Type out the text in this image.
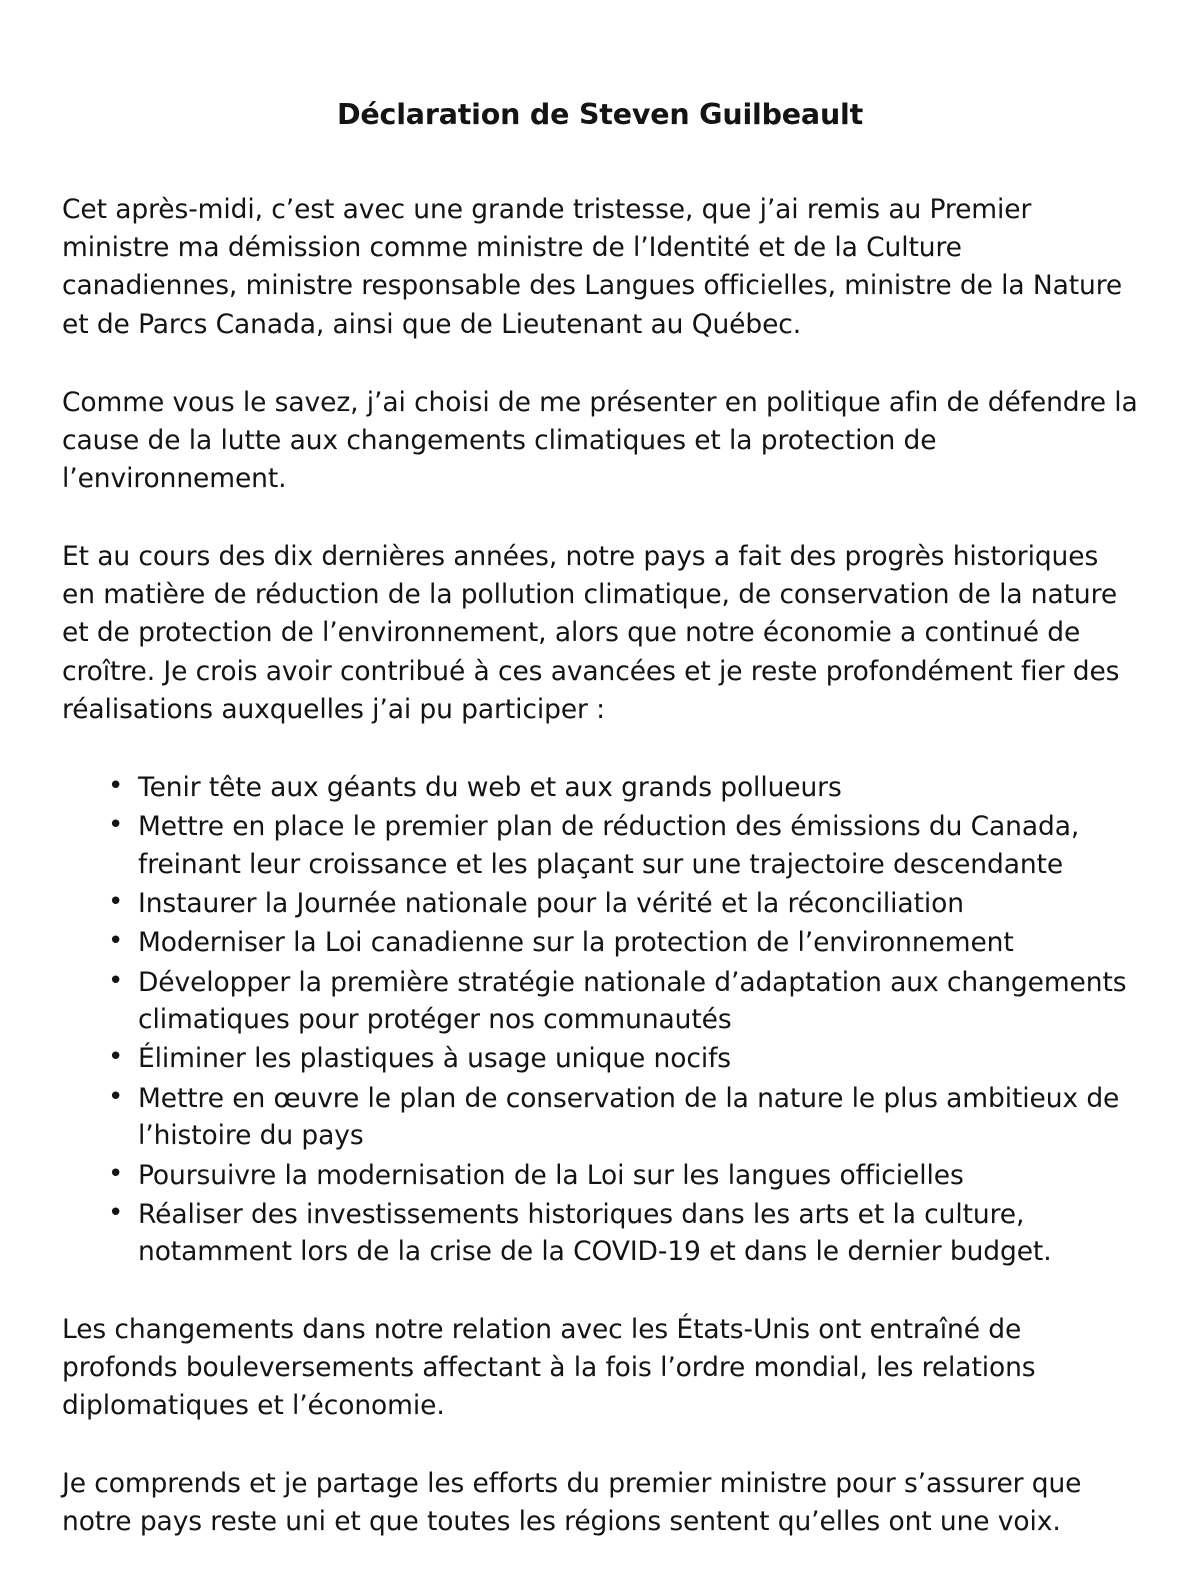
Déclaration de Steven Guilbeault

Cet après-midi, c’est avec une grande tristesse, que j’ai remis au Premier ministre ma démission comme ministre de l’Identité et de la Culture canadiennes, ministre responsable des Langues officielles, ministre de la Nature et de Parcs Canada, ainsi que de Lieutenant au Québec.

Comme vous le savez, j’ai choisi de me présenter en politique afin de défendre la cause de la lutte aux changements climatiques et la protection de l’environnement.

Et au cours des dix dernières années, notre pays a fait des progrès historiques en matière de réduction de la pollution climatique, de conservation de la nature et de protection de l’environnement, alors que notre économie a continué de croître. Je crois avoir contribué à ces avancées et je reste profondément fier des réalisations auxquelles j’ai pu participer :

• Tenir tête aux géants du web et aux grands pollueurs
• Mettre en place le premier plan de réduction des émissions du Canada, freinant leur croissance et les plaçant sur une trajectoire descendante
• Instaurer la Journée nationale pour la vérité et la réconciliation
• Moderniser la Loi canadienne sur la protection de l’environnement
• Développer la première stratégie nationale d’adaptation aux changements climatiques pour protéger nos communautés
• Éliminer les plastiques à usage unique nocifs
• Mettre en œuvre le plan de conservation de la nature le plus ambitieux de l’histoire du pays
• Poursuivre la modernisation de la Loi sur les langues officielles
• Réaliser des investissements historiques dans les arts et la culture, notamment lors de la crise de la COVID-19 et dans le dernier budget.

Les changements dans notre relation avec les États-Unis ont entraîné de profonds bouleversements affectant à la fois l’ordre mondial, les relations diplomatiques et l’économie.

Je comprends et je partage les efforts du premier ministre pour s’assurer que notre pays reste uni et que toutes les régions sentent qu’elles ont une voix.
